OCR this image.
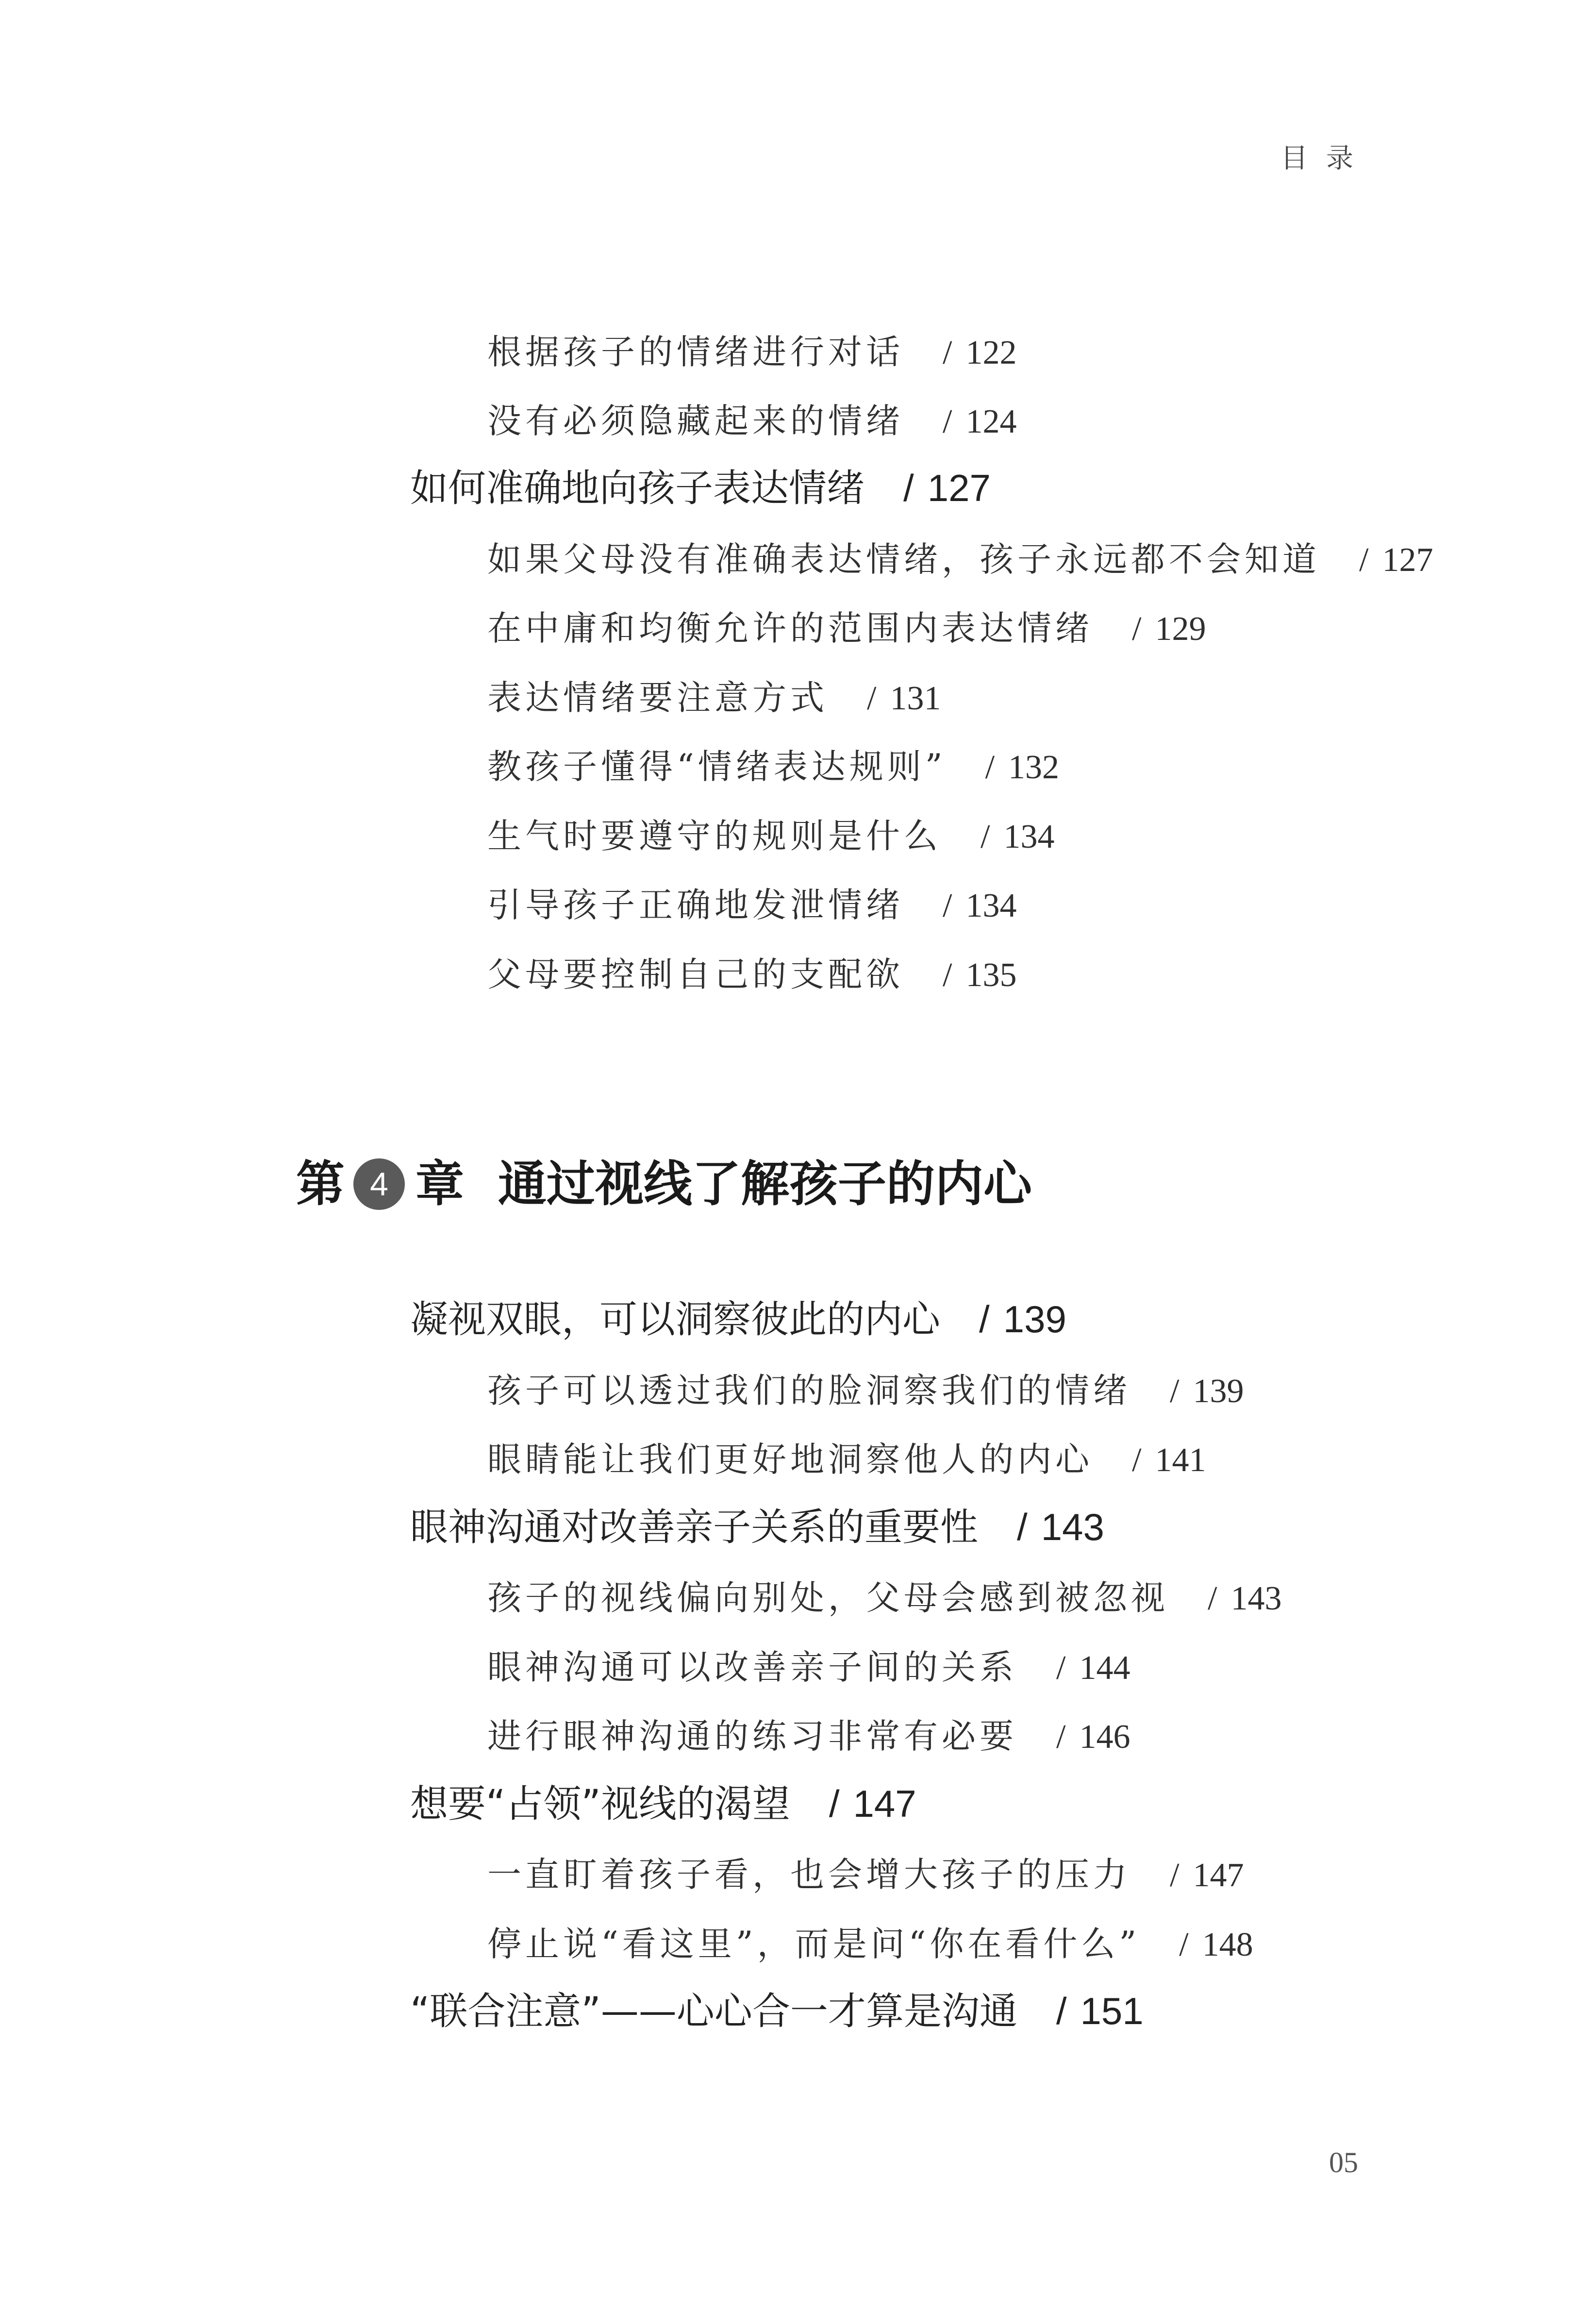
目 录
根据孩子的情绪进行对话 / 122
没有必须隐藏起来的情绪 / 124
如何准确地向孩子表达情绪 / 127
如果父母没有准确表达情绪，孩子永远都不会知道 / 127
在中庸和均衡允许的范围内表达情绪 / 129
表达情绪要注意方式 / 131
教孩子懂得“情绪表达规则” / 132
生气时要遵守的规则是什么 / 134
引导孩子正确地发泄情绪 / 134
父母要控制自己的支配欲 / 135
第 4 章 通过视线了解孩子的内心
凝视双眼，可以洞察彼此的内心 / 139
孩子可以透过我们的脸洞察我们的情绪 / 139
眼睛能让我们更好地洞察他人的内心 / 141
眼神沟通对改善亲子关系的重要性 / 143
孩子的视线偏向别处，父母会感到被忽视 / 143
眼神沟通可以改善亲子间的关系 / 144
进行眼神沟通的练习非常有必要 / 146
想要“占领”视线的渴望 / 147
一直盯着孩子看，也会增大孩子的压力 / 147
停止说“看这里”，而是问“你在看什么” / 148
“联合注意”——心心合一才算是沟通 / 151
05
